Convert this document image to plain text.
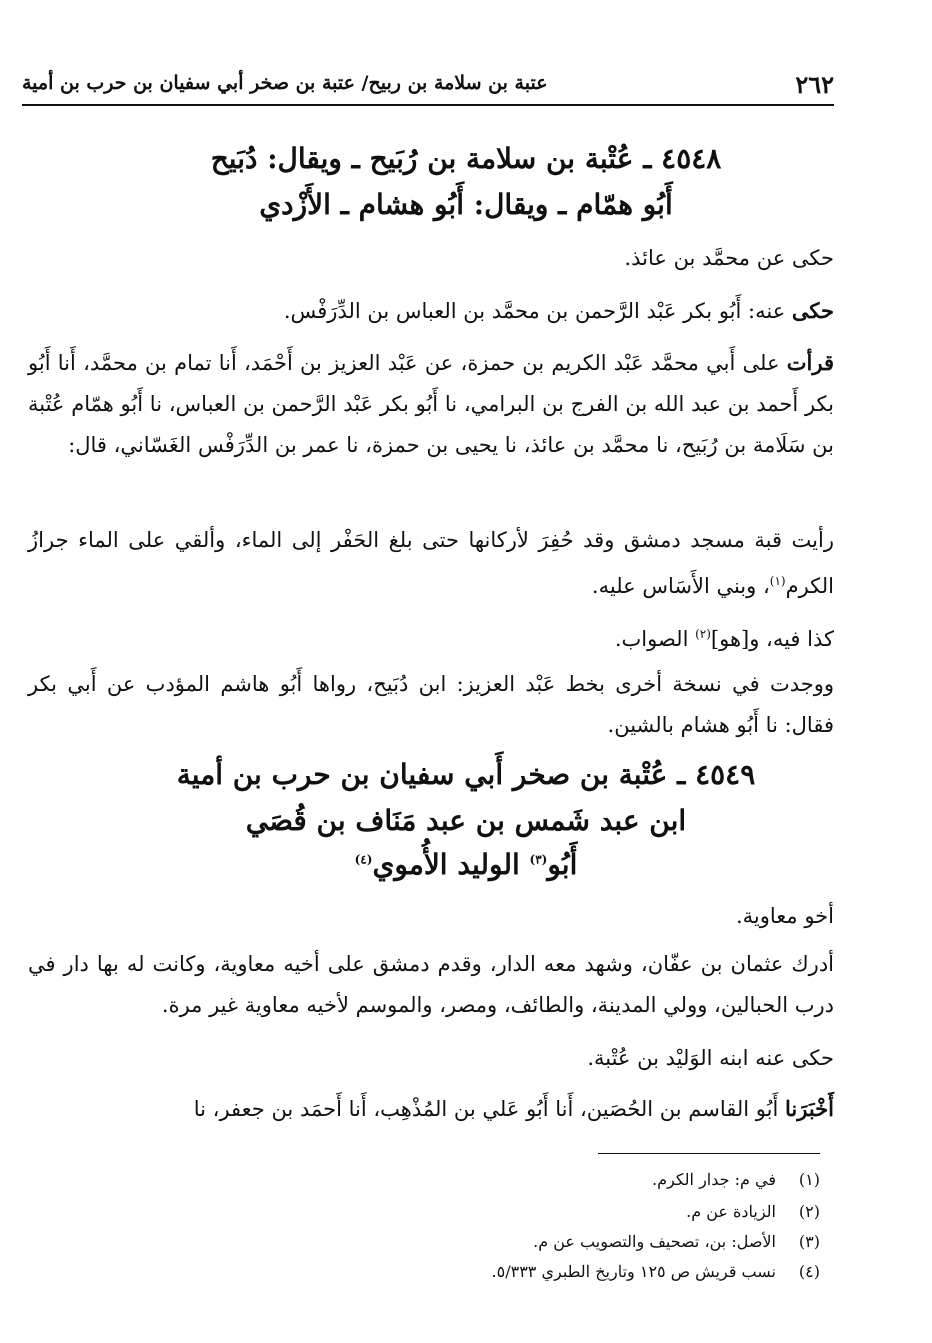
٢٦٢
عتبة بن سلامة بن ربيح/ عتبة بن صخر أبي سفيان بن حرب بن أمية
٤٥٤٨ ـ عُتْبة بن سلامة بن رُبَيح ـ ويقال: دُبَيح
أَبُو همّام ـ ويقال: أَبُو هشام ـ الأَزْدي
حكى عن محمَّد بن عائذ.
حكى عنه: أَبُو بكر عَبْد الرَّحمن بن محمَّد بن العباس بن الدِّرَفْس.
قرأت على أَبي محمَّد عَبْد الكريم بن حمزة، عن عَبْد العزيز بن أَحْمَد، أَنا تمام بن محمَّد، أَنا أَبُو بكر أَحمد بن عبد الله بن الفرج بن البرامي، نا أَبُو بكر عَبْد الرَّحمن بن العباس، نا أَبُو همّام عُتْبة بن سَلَامة بن رُبَيح، نا محمَّد بن عائذ، نا يحيى بن حمزة، نا عمر بن الدِّرَفْس الغَسّاني، قال:
رأيت قبة مسجد دمشق وقد حُفِرَ لأركانها حتى بلغ الحَفْر إلى الماء، وألقي على الماء جرازُ الكرم$^{(١)}$، وبني الأَسَاس عليه.
كذا فيه، و[هو]$^{(٢)}$ الصواب.
ووجدت في نسخة أخرى بخط عَبْد العزيز: ابن دُبَيح، رواها أَبُو هاشم المؤدب عن أَبي بكر فقال: نا أَبُو هشام بالشين.
٤٥٤٩ ـ عُتْبة بن صخر أَبي سفيان بن حرب بن أمية
ابن عبد شَمس بن عبد مَنَاف بن قُصَي
أَبُو$^{(٣)}$ الوليد الأُموي$^{(٤)}$
أخو معاوية.
أدرك عثمان بن عفّان، وشهد معه الدار، وقدم دمشق على أخيه معاوية، وكانت له بها دار في درب الحبالين، وولي المدينة، والطائف، ومصر، والموسم لأخيه معاوية غير مرة.
حكى عنه ابنه الوَليْد بن عُتْبة.
أَخْبَرَنا أَبُو القاسم بن الحُصَين، أَنا أَبُو عَلي بن المُذْهِب، أَنا أَحمَد بن جعفر، نا
(١)في م: جدار الكرم.
(٢)الزيادة عن م.
(٣)الأصل: بن، تصحيف والتصويب عن م.
(٤)نسب قريش ص ١٢٥ وتاريخ الطبري ٥/٣٣٣.
